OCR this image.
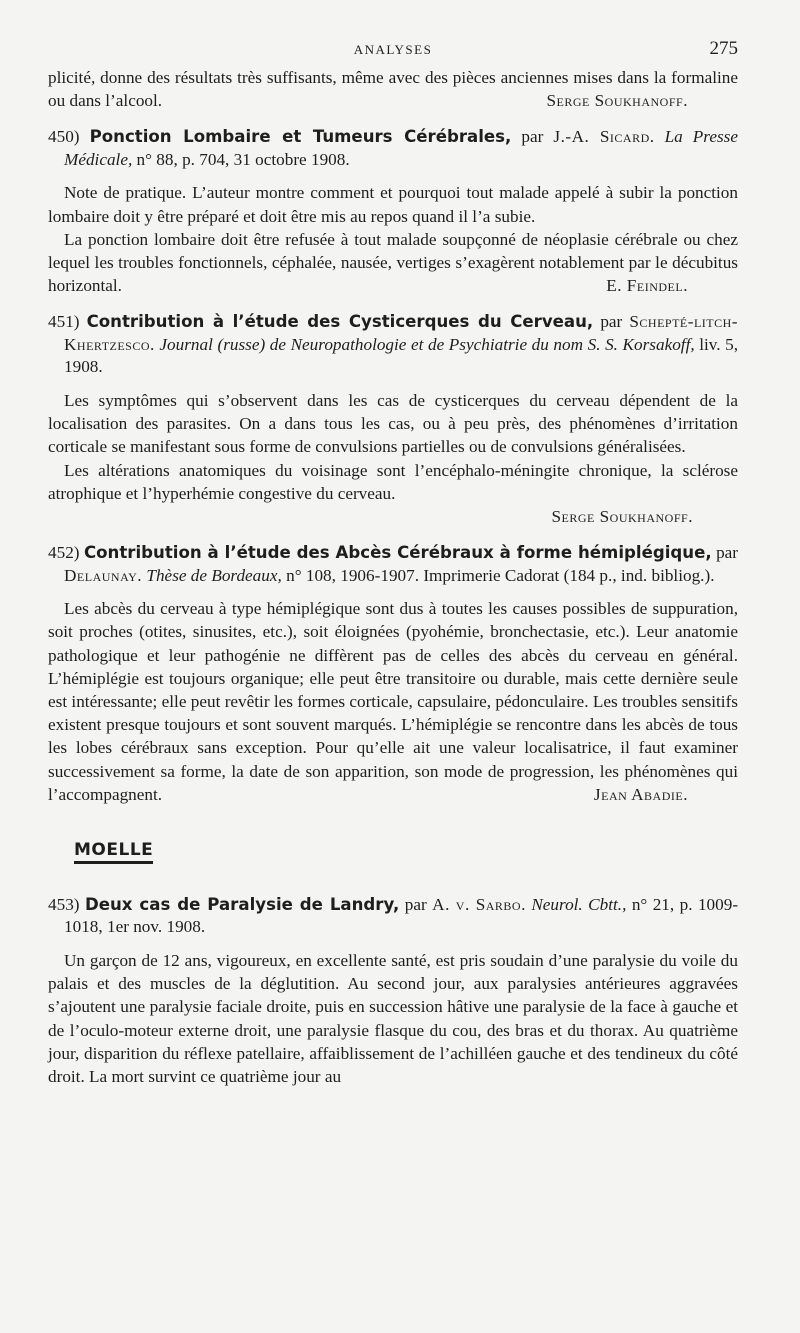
ANALYSES	275
plicité, donne des résultats très suffisants, même avec des pièces anciennes mises dans la formaline ou dans l’alcool.	Serge Soukhanoff.

450) Ponction Lombaire et Tumeurs Cérébrales, par J.-A. Sicard. La Presse Médicale, n° 88, p. 704, 31 octobre 1908.

Note de pratique. L’auteur montre comment et pourquoi tout malade appelé à subir la ponction lombaire doit y être préparé et doit être mis au repos quand il l’a subie.

La ponction lombaire doit être refusée à tout malade soupçonné de néoplasie cérébrale ou chez lequel les troubles fonctionnels, céphalée, nausée, vertiges s’exagèrent notablement par le décubitus horizontal.	E. Feindel.

451) Contribution à l’étude des Cysticerques du Cerveau, par Schepté-litch-Khertzesco. Journal (russe) de Neuropathologie et de Psychiatrie du nom S. S. Korsakoff, liv. 5, 1908.

Les symptômes qui s’observent dans les cas de cysticerques du cerveau dépendent de la localisation des parasites. On a dans tous les cas, ou à peu près, des phénomènes d’irritation corticale se manifestant sous forme de convulsions partielles ou de convulsions généralisées.

Les altérations anatomiques du voisinage sont l’encéphalo-méningite chronique, la sclérose atrophique et l’hyperhémie congestive du cerveau.

Serge Soukhanoff.

452) Contribution à l’étude des Abcès Cérébraux à forme hémiplégique, par Delaunay. Thèse de Bordeaux, n° 108, 1906-1907. Imprimerie Cadorat (184 p., ind. bibliog.).

Les abcès du cerveau à type hémiplégique sont dus à toutes les causes possibles de suppuration, soit proches (otites, sinusites, etc.), soit éloignées (pyohémie, bronchectasie, etc.). Leur anatomie pathologique et leur pathogénie ne diffèrent pas de celles des abcès du cerveau en général. L’hémiplégie est toujours organique; elle peut être transitoire ou durable, mais cette dernière seule est intéressante; elle peut revêtir les formes corticale, capsulaire, pédonculaire. Les troubles sensitifs existent presque toujours et sont souvent marqués. L’hémiplégie se rencontre dans les abcès de tous les lobes cérébraux sans exception. Pour qu’elle ait une valeur localisatrice, il faut examiner successivement sa forme, la date de son apparition, son mode de progression, les phénomènes qui l’accompagnent.	Jean Abadie.

MOELLE

453) Deux cas de Paralysie de Landry, par A. v. Sarbo. Neurol. Cbtt., n° 21, p. 1009-1018, 1er nov. 1908.

Un garçon de 12 ans, vigoureux, en excellente santé, est pris soudain d’une paralysie du voile du palais et des muscles de la déglutition. Au second jour, aux paralysies antérieures aggravées s’ajoutent une paralysie faciale droite, puis en succession hâtive une paralysie de la face à gauche et de l’oculo-moteur externe droit, une paralysie flasque du cou, des bras et du thorax. Au quatrième jour, disparition du réflexe patellaire, affaiblissement de l’achilléen gauche et des tendineux du côté droit. La mort survint ce quatrième jour au
